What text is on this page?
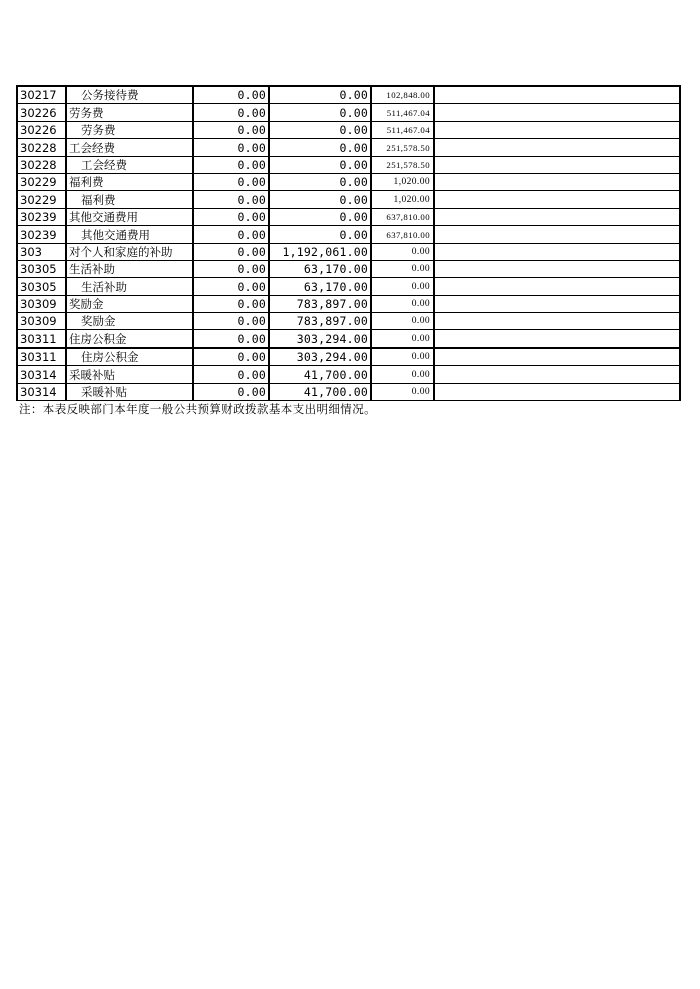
30217	公务接待费	0.00	0.00	102,848.00	
30226	劳务费	0.00	0.00	511,467.04	
30226	劳务费	0.00	0.00	511,467.04	
30228	工会经费	0.00	0.00	251,578.50	
30228	工会经费	0.00	0.00	251,578.50	
30229	福利费	0.00	0.00	1,020.00	
30229	福利费	0.00	0.00	1,020.00	
30239	其他交通费用	0.00	0.00	637,810.00	
30239	其他交通费用	0.00	0.00	637,810.00	
303	对个人和家庭的补助	0.00	1,192,061.00	0.00	
30305	生活补助	0.00	63,170.00	0.00	
30305	生活补助	0.00	63,170.00	0.00	
30309	奖励金	0.00	783,897.00	0.00	
30309	奖励金	0.00	783,897.00	0.00	
30311	住房公积金	0.00	303,294.00	0.00	
30311	住房公积金	0.00	303,294.00	0.00	
30314	采暖补贴	0.00	41,700.00	0.00	
30314	采暖补贴	0.00	41,700.00	0.00	
注：本表反映部门本年度一般公共预算财政拨款基本支出明细情况。
